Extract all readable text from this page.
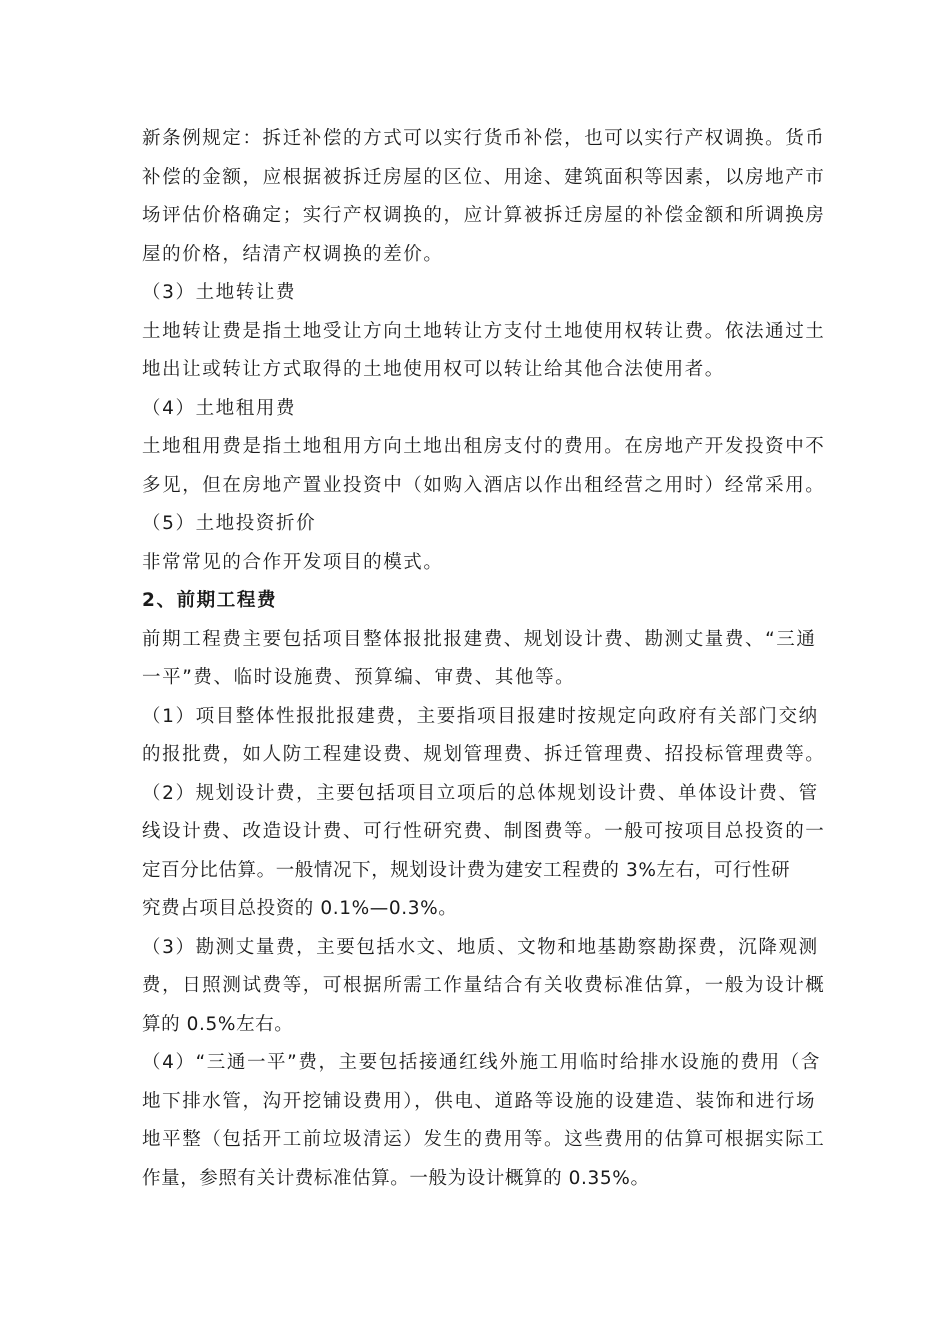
新条例规定：拆迁补偿的方式可以实行货币补偿，也可以实行产权调换。货币
补偿的金额，应根据被拆迁房屋的区位、用途、建筑面积等因素，以房地产市
场评估价格确定；实行产权调换的，应计算被拆迁房屋的补偿金额和所调换房
屋的价格，结清产权调换的差价。
（3）土地转让费
土地转让费是指土地受让方向土地转让方支付土地使用权转让费。依法通过土
地出让或转让方式取得的土地使用权可以转让给其他合法使用者。
（4）土地租用费
土地租用费是指土地租用方向土地出租房支付的费用。在房地产开发投资中不
多见，但在房地产置业投资中（如购入酒店以作出租经营之用时）经常采用。
（5）土地投资折价
非常常见的合作开发项目的模式。
2、前期工程费
前期工程费主要包括项目整体报批报建费、规划设计费、勘测丈量费、“三通
一平”费、临时设施费、预算编、审费、其他等。
（1）项目整体性报批报建费，主要指项目报建时按规定向政府有关部门交纳
的报批费，如人防工程建设费、规划管理费、拆迁管理费、招投标管理费等。
（2）规划设计费，主要包括项目立项后的总体规划设计费、单体设计费、管
线设计费、改造设计费、可行性研究费、制图费等。一般可按项目总投资的一
定百分比估算。一般情况下，规划设计费为建安工程费的 3%左右，可行性研
究费占项目总投资的 0.1%—0.3%。
（3）勘测丈量费，主要包括水文、地质、文物和地基勘察勘探费，沉降观测
费，日照测试费等，可根据所需工作量结合有关收费标准估算，一般为设计概
算的 0.5%左右。
（4）“三通一平”费，主要包括接通红线外施工用临时给排水设施的费用（含
地下排水管，沟开挖铺设费用），供电、道路等设施的设建造、装饰和进行场
地平整（包括开工前垃圾清运）发生的费用等。这些费用的估算可根据实际工
作量，参照有关计费标准估算。一般为设计概算的 0.35%。
